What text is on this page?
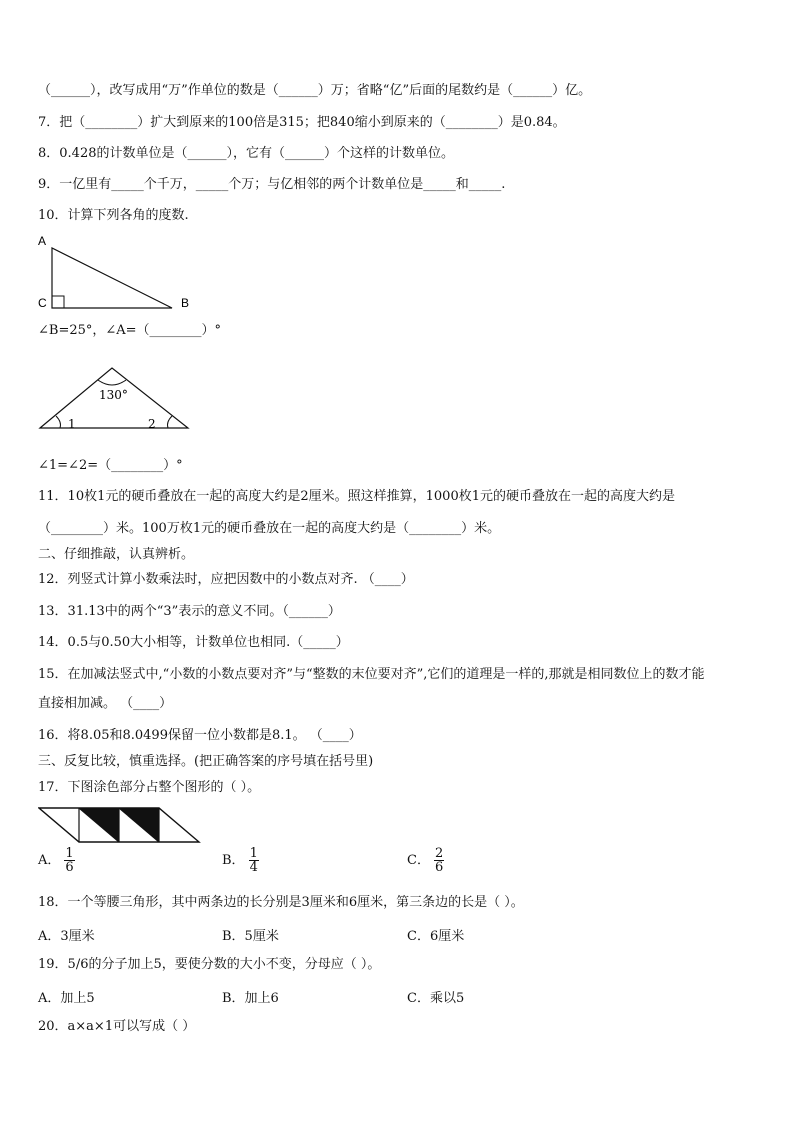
（______），改写成用“万”作单位的数是（______）万；省略“亿”后面的尾数约是（______）亿。
7．把（________）扩大到原来的100倍是315；把840缩小到原来的（________）是0.84。
8．0.428的计数单位是（______），它有（______）个这样的计数单位。
9．一亿里有_____个千万，_____个万；与亿相邻的两个计数单位是_____和_____.
10．计算下列各角的度数.
A
C	B
∠B=25°，∠A=（________）°
130°
1	2
∠1=∠2=（________）°
11．10枚1元的硬币叠放在一起的高度大约是2厘米。照这样推算，1000枚1元的硬币叠放在一起的高度大约是
（________）米。100万枚1元的硬币叠放在一起的高度大约是（________）米。
二、仔细推敲，认真辨析。
12．列竖式计算小数乘法时，应把因数中的小数点对齐. （____）
13．31.13中的两个“3”表示的意义不同。（______）
14．0.5与0.50大小相等，计数单位也相同.（_____）
15．在加减法竖式中,“小数的小数点要对齐”与“整数的末位要对齐”,它们的道理是一样的,那就是相同数位上的数才能
直接相加减。 （____）
16．将8.05和8.0499保留一位小数都是8.1。 （____）
三、反复比较，慎重选择。(把正确答案的序号填在括号里)
17．下图涂色部分占整个图形的（ ）。
A． $\frac{1}{6}$	B． $\frac{1}{4}$	C． $\frac{2}{6}$
18．一个等腰三角形，其中两条边的长分别是3厘米和6厘米，第三条边的长是（ ）。
A．3厘米	B．5厘米	C．6厘米
19．5/6的分子加上5，要使分数的大小不变，分母应（ ）。
A．加上5	B．加上6	C．乘以5
20．a×a×1可以写成（ ）
